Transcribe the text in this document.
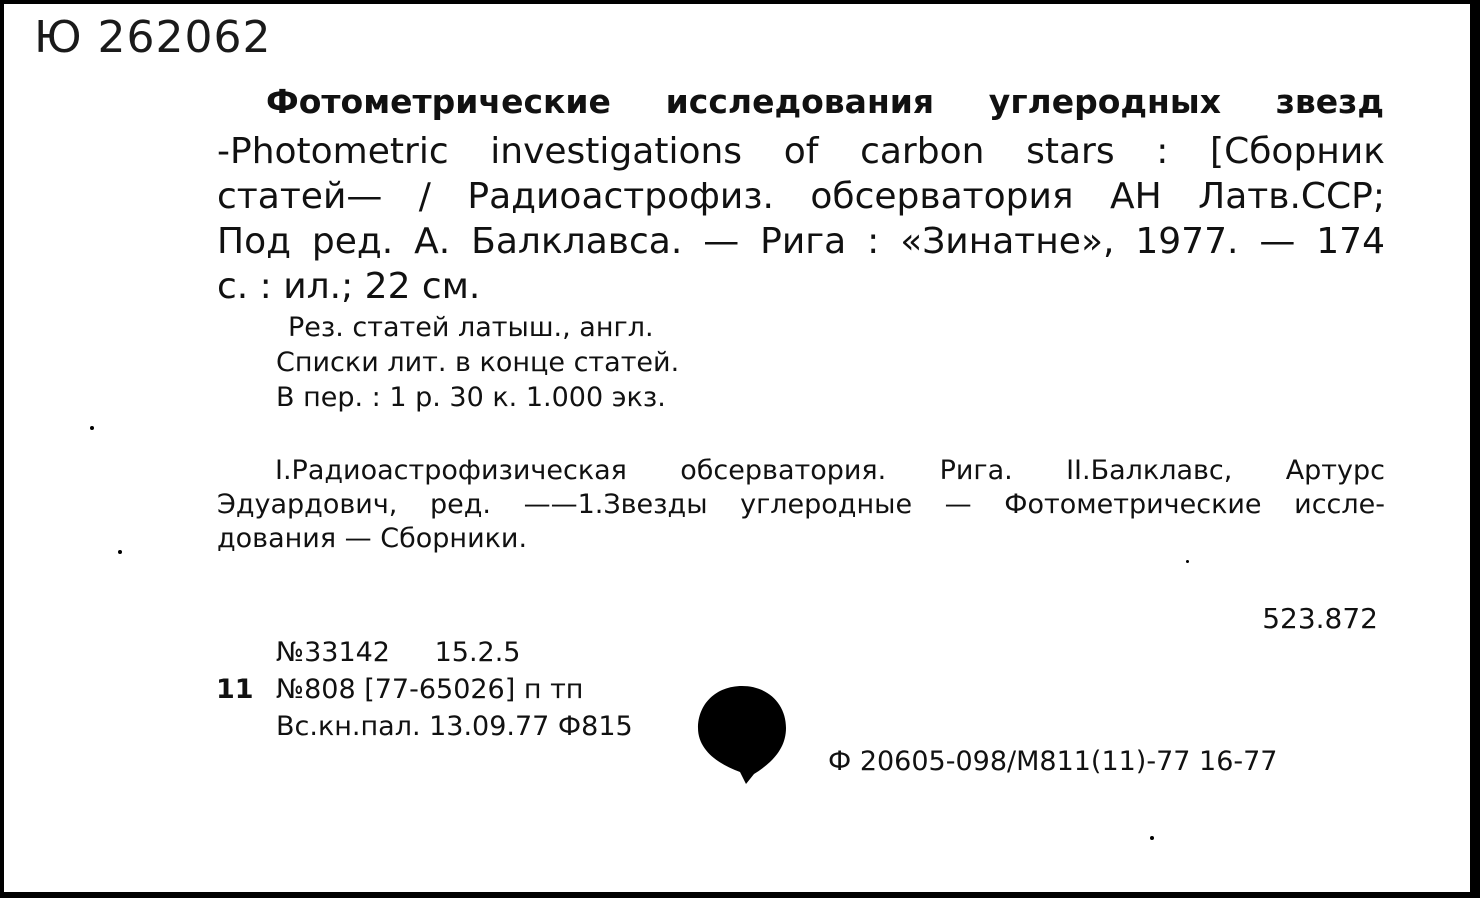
Ю 262062
Фотометрические исследования углеродных звезд
-Photometric investigations of carbon stars : [Сборник
статей— / Радиоастрофиз. обсерватория АН Латв.ССР;
Под ред. А. Балклавса. — Рига : «Зинатне», 1977. — 174
с. : ил.; 22 см.
Рез. статей латыш., англ.
Списки лит. в конце статей.
В пер. : 1 р. 30 к. 1.000 экз.
I.Радиоастрофизическая обсерватория. Рига. II.Балклавс, Артурс
Эдуардович, ред. ——1.Звезды углеродные — Фотометрические иссле-
дования — Сборники.
523.872
№33142 15.2.5
11 №808 [77-65026] п тп
Вс.кн.пал. 13.09.77 Ф815
Ф 20605-098/М811(11)-77 16-77
